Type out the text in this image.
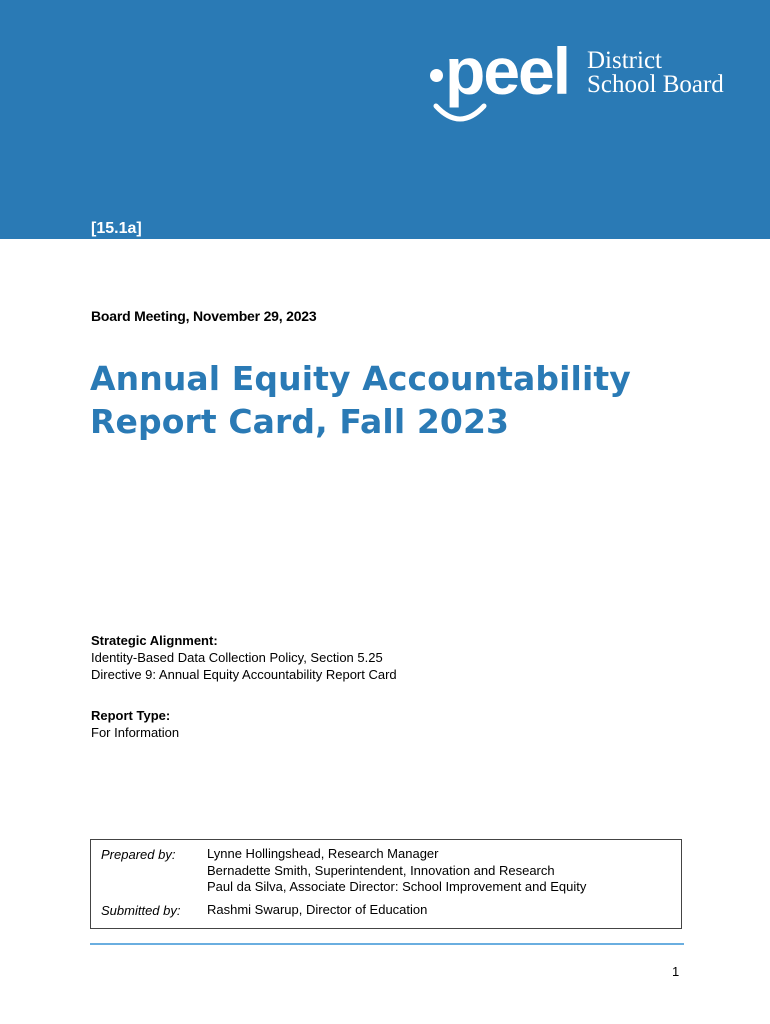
peel District
School Board
[15.1a]
Board Meeting, November 29, 2023
Annual Equity Accountability
Report Card, Fall 2023
Strategic Alignment:
Identity-Based Data Collection Policy, Section 5.25
Directive 9: Annual Equity Accountability Report Card
Report Type:
For Information
Prepared by: Lynne Hollingshead, Research Manager
Bernadette Smith, Superintendent, Innovation and Research
Paul da Silva, Associate Director: School Improvement and Equity
Submitted by: Rashmi Swarup, Director of Education
1
